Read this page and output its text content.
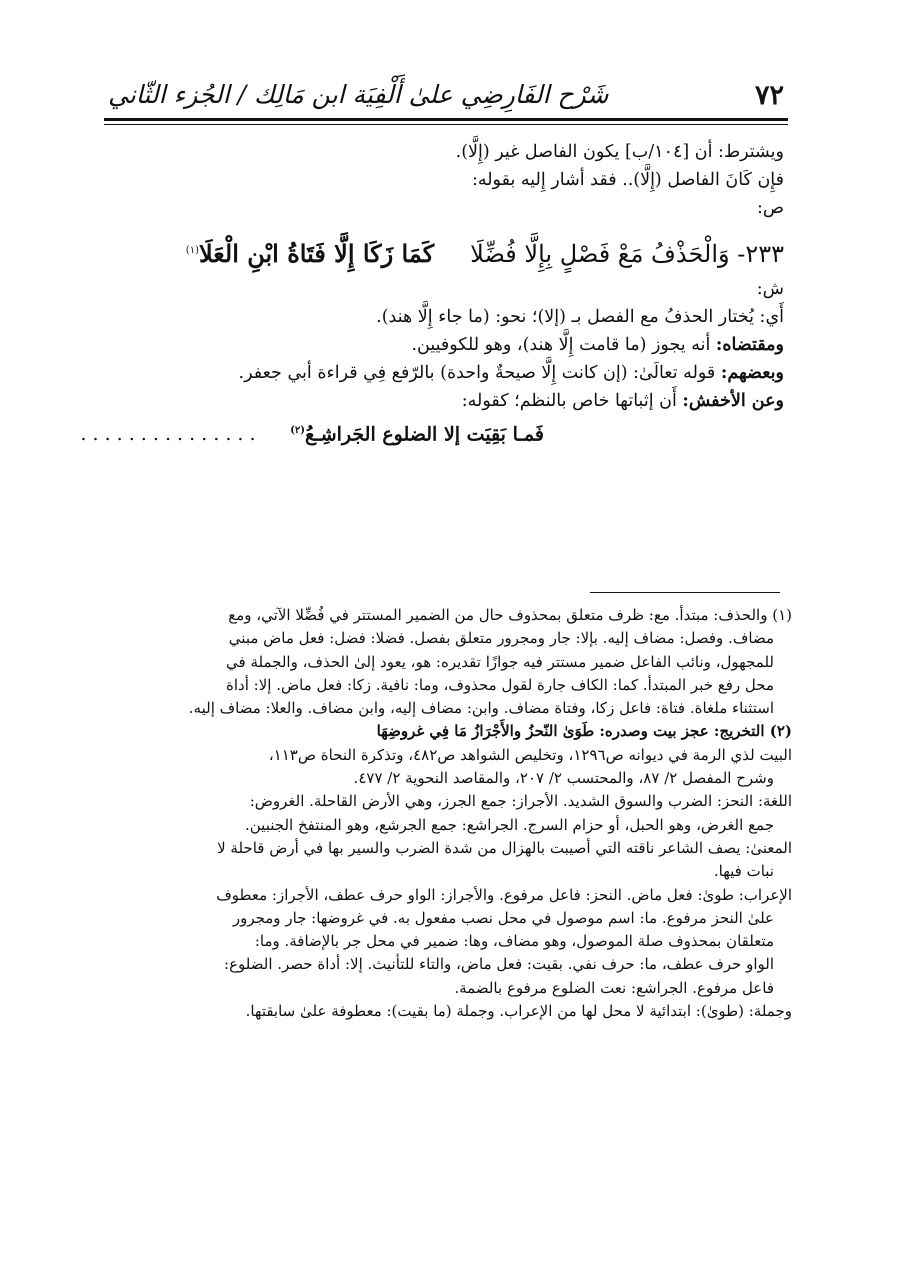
٧٢
شَرْح الفَارِضِي علىٰ أَلْفِيَة ابن مَالِك / الجُزء الثّاني
ويشترط: أن [١٠٤/ب] يكون الفاصل غير (إِلَّا).
فإِن كَانَ الفاصل (إِلَّا).. فقد أشار إِليه بقوله:
ص:
٢٣٣- وَالْحَذْفُ مَعْ فَصْلٍ بِإِلَّا فُضِّلَاكَمَا زَكَا إِلَّا فَتَاةُ ابْنِ الْعَلَا$^{(١)}$
ش:
أَي: يُختار الحذفُ مع الفصل بـ (إلا)؛ نحو: (ما جاء إِلَّا هند).
ومقتضاه: أنه يجوز (ما قامت إِلَّا هند)، وهو للكوفيين.
وبعضهم: قوله تعالَىٰ: (إن كانت إِلَّا صيحةٌ واحدة) بالرّفع فِي قراءة أبي جعفر.
وعن الأخفش: أَن إثباتها خاص بالنظم؛ كقوله:
فَمـا بَقِيَت إلا الضلوع الجَراشِـعُ$^{(٢)}$ . . . . . . . . . . . . . . .
(١) والحذف: مبتدأ. مع: ظرف متعلق بمحذوف حال من الضمير المستتر في فُضِّلا الآتي، ومع
مضاف. وفصل: مضاف إليه. بإلا: جار ومجرور متعلق بفصل. فضلا: فضل: فعل ماض مبني
للمجهول، ونائب الفاعل ضمير مستتر فيه جوازًا تقديره: هو، يعود إلىٰ الحذف، والجملة في
محل رفع خبر المبتدأ. كما: الكاف جارة لقول محذوف، وما: نافية. زكا: فعل ماض. إلا: أداة
استثناء ملغاة. فتاة: فاعل زكا، وفتاة مضاف. وابن: مضاف إليه، وابن مضاف. والعلا: مضاف إليه.
(٢) التخريج: عجز بيت وصدره: طَوَىٰ النّحزُ والأَجْرَازُ مَا فِي غروضِهَا
البيت لذي الرمة في ديوانه ص١٢٩٦، وتخليص الشواهد ص٤٨٢، وتذكرة النحاة ص١١٣،
وشرح المفصل ٢/ ٨٧، والمحتسب ٢/ ٢٠٧، والمقاصد النحوية ٢/ ٤٧٧.
اللغة: النحز: الضرب والسوق الشديد. الأجراز: جمع الجرز، وهي الأرض القاحلة. الغروض:
جمع الغرض، وهو الحبل، أو حزام السرج. الجراشع: جمع الجرشع، وهو المنتفخ الجنبين.
المعنىٰ: يصف الشاعر ناقته التي أصيبت بالهزال من شدة الضرب والسير بها في أرض قاحلة لا
نبات فيها.
الإعراب: طوىٰ: فعل ماض. النحز: فاعل مرفوع. والأجراز: الواو حرف عطف، الأجراز: معطوف
علىٰ النحز مرفوع. ما: اسم موصول في محل نصب مفعول به. في غروضها: جار ومجرور
متعلقان بمحذوف صلة الموصول، وهو مضاف، وها: ضمير في محل جر بالإضافة. وما:
الواو حرف عطف، ما: حرف نفي. بقيت: فعل ماض، والتاء للتأنيث. إلا: أداة حصر. الضلوع:
فاعل مرفوع. الجراشع: نعت الضلوع مرفوع بالضمة.
وجملة: (طوىٰ): ابتدائية لا محل لها من الإعراب. وجملة (ما بقيت): معطوفة علىٰ سابقتها.
